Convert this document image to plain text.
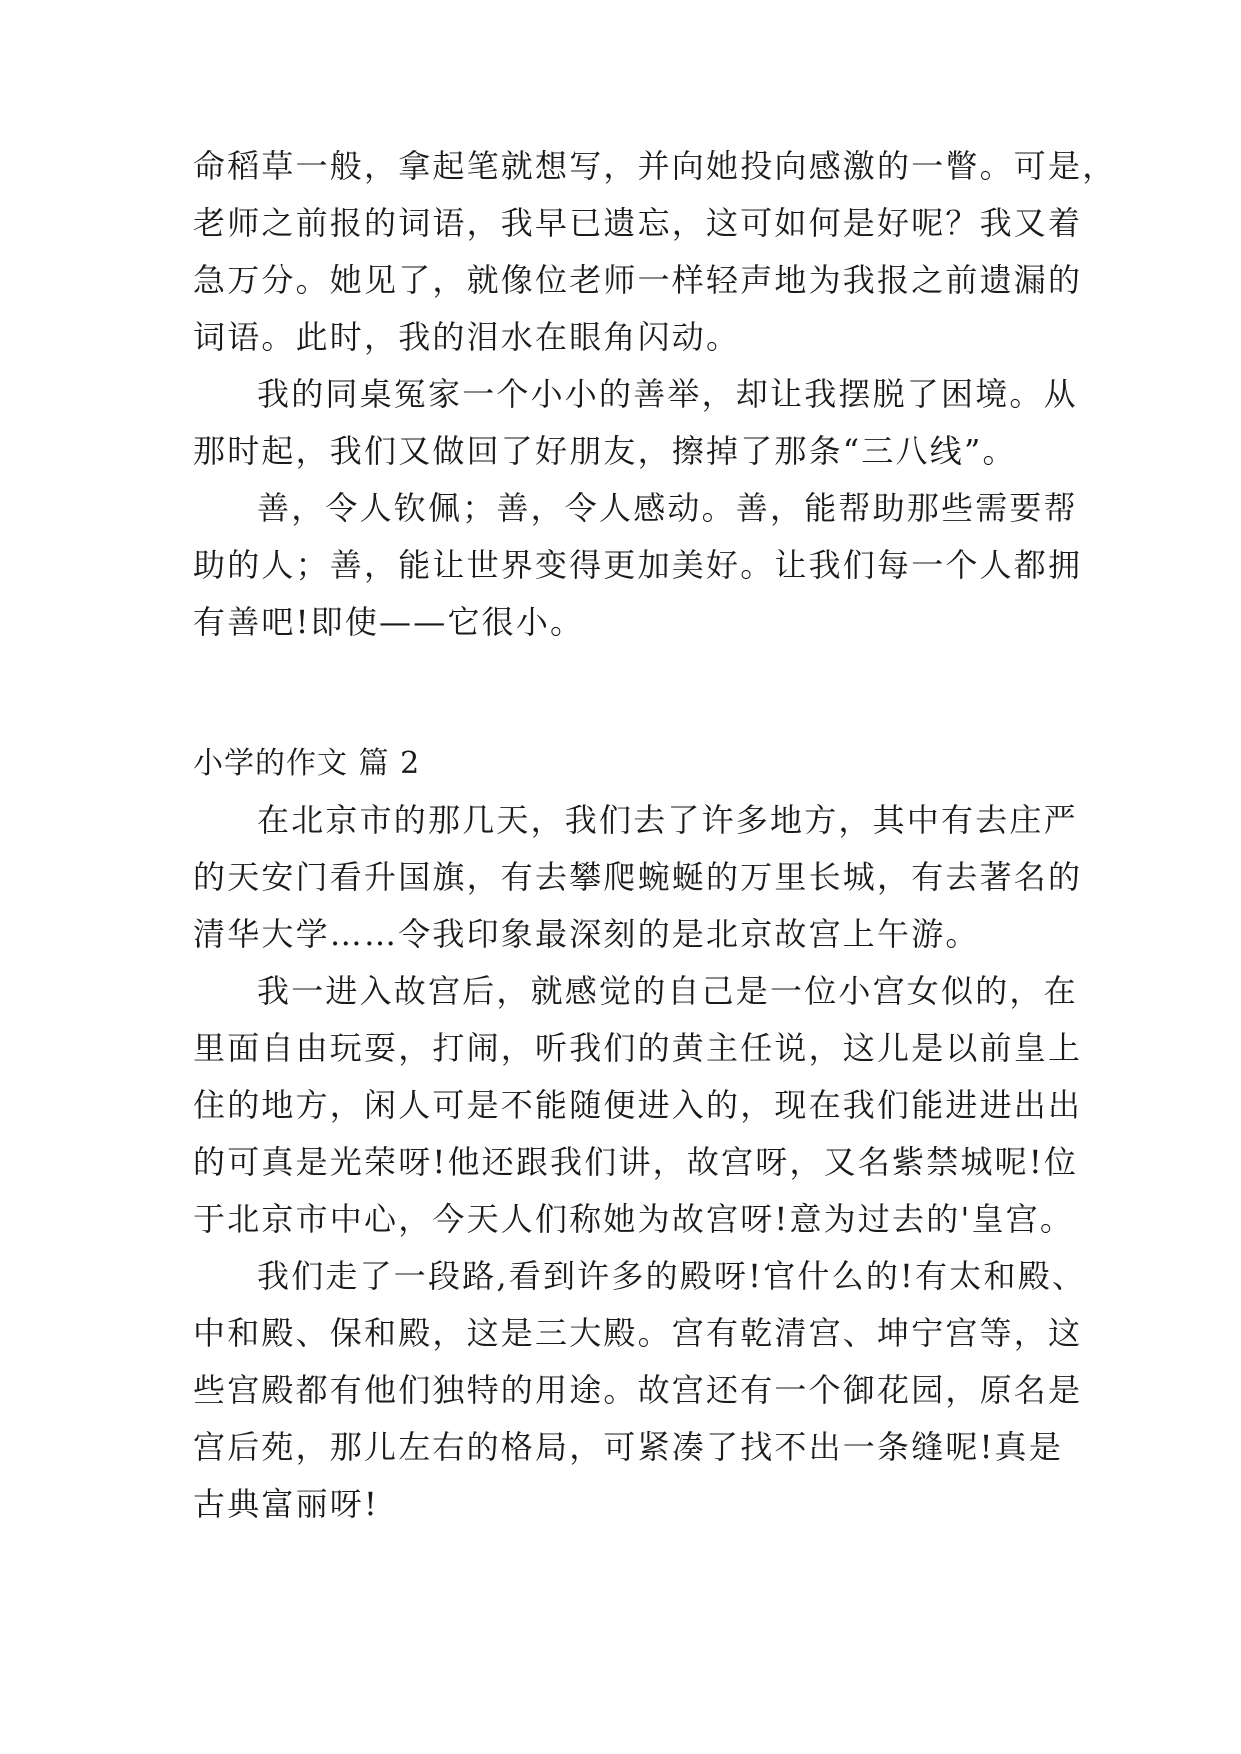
命稻草一般，拿起笔就想写，并向她投向感激的一瞥。可是，
老师之前报的词语，我早已遗忘，这可如何是好呢？我又着
急万分。她见了，就像位老师一样轻声地为我报之前遗漏的
词语。此时，我的泪水在眼角闪动。
我的同桌冤家一个小小的善举，却让我摆脱了困境。从
那时起，我们又做回了好朋友，擦掉了那条“三八线”。
善，令人钦佩；善，令人感动。善，能帮助那些需要帮
助的人；善，能让世界变得更加美好。让我们每一个人都拥
有善吧!即使——它很小。
小学的作文 篇 2
在北京市的那几天，我们去了许多地方，其中有去庄严
的天安门看升国旗，有去攀爬蜿蜒的万里长城，有去著名的
清华大学……令我印象最深刻的是北京故宫上午游。
我一进入故宫后，就感觉的自己是一位小宫女似的，在
里面自由玩耍，打闹，听我们的黄主任说，这儿是以前皇上
住的地方，闲人可是不能随便进入的，现在我们能进进出出
的可真是光荣呀!他还跟我们讲，故宫呀，又名紫禁城呢!位
于北京市中心，今天人们称她为故宫呀!意为过去的'皇宫。
我们走了一段路,看到许多的殿呀!官什么的!有太和殿、
中和殿、保和殿，这是三大殿。宫有乾清宫、坤宁宫等，这
些宫殿都有他们独特的用途。故宫还有一个御花园，原名是
宫后苑，那儿左右的格局，可紧凑了找不出一条缝呢!真是
古典富丽呀!
